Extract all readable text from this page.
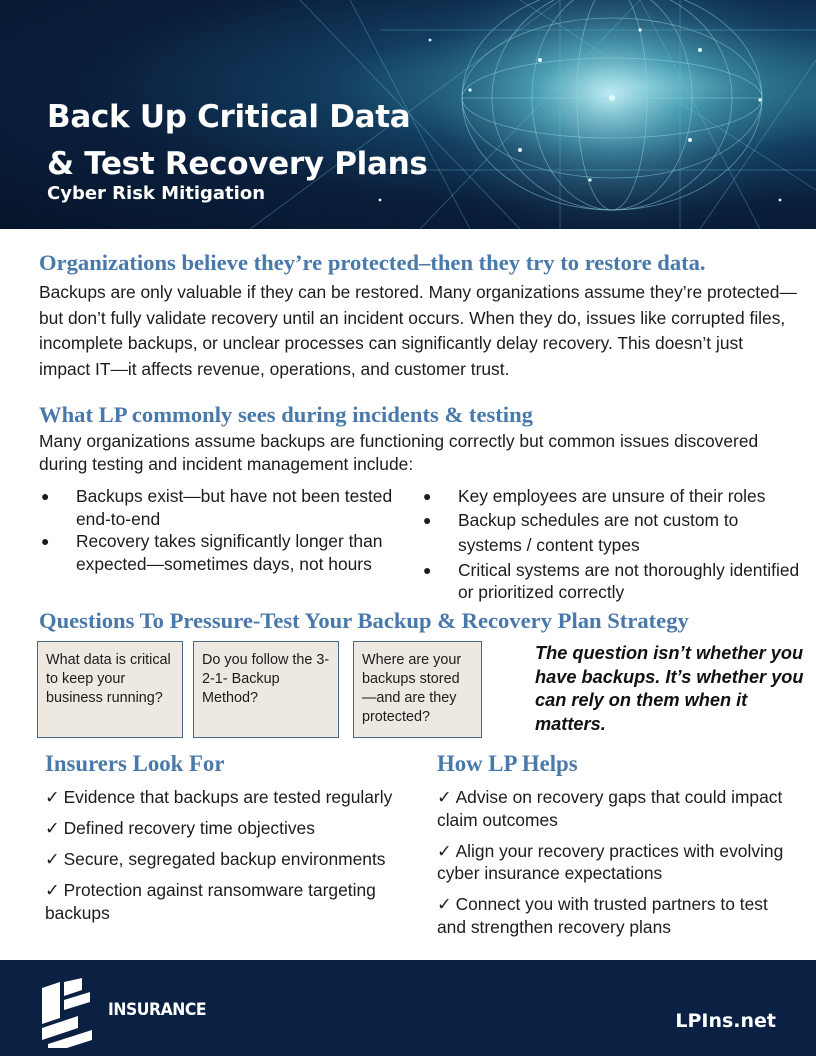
Back Up Critical Data
& Test Recovery Plans
Cyber Risk Mitigation
Organizations believe they’re protected–then they try to restore data.
Backups are only valuable if they can be restored. Many organizations assume they’re protected—but don’t fully validate recovery until an incident occurs. When they do, issues like corrupted files, incomplete backups, or unclear processes can significantly delay recovery. This doesn’t just impact IT—it affects revenue, operations, and customer trust.
What LP commonly sees during incidents & testing
Many organizations assume backups are functioning correctly but common issues discovered during testing and incident management include:
● Backups exist—but have not been tested end-to-end
● Recovery takes significantly longer than expected—sometimes days, not hours
● Key employees are unsure of their roles
● Backup schedules are not custom to systems / content types
● Critical systems are not thoroughly identified or prioritized correctly
Questions To Pressure-Test Your Backup & Recovery Plan Strategy
What data is critical to keep your business running?
Do you follow the 3-2-1- Backup Method?
Where are your backups stored—and are they protected?
The question isn’t whether you have backups. It’s whether you can rely on them when it matters.
Insurers Look For
✓ Evidence that backups are tested regularly
✓ Defined recovery time objectives
✓ Secure, segregated backup environments
✓ Protection against ransomware targeting backups
How LP Helps
✓ Advise on recovery gaps that could impact claim outcomes
✓ Align your recovery practices with evolving cyber insurance expectations
✓ Connect you with trusted partners to test and strengthen recovery plans
INSURANCE	LPIns.net
